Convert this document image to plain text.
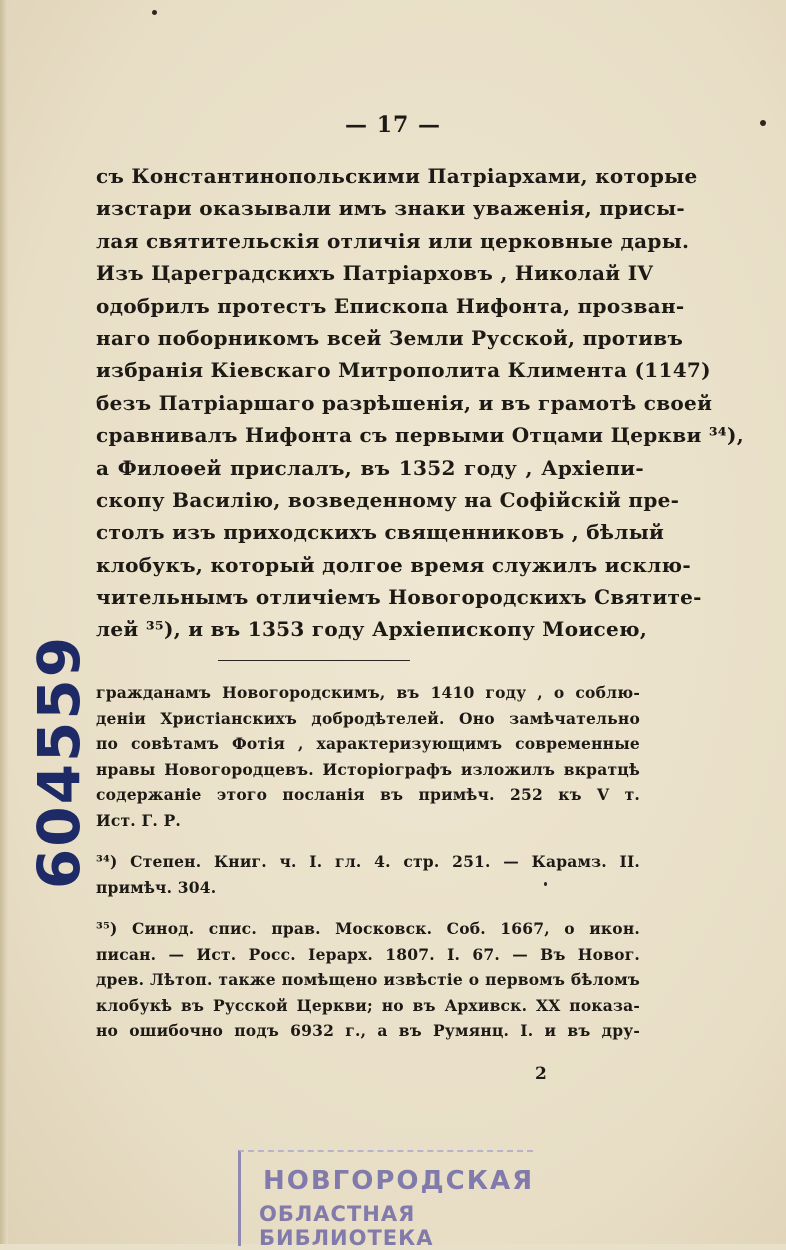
— 17 —
съ Константинопольскими Патріархами, которые
изстари оказывали имъ знаки уваженія, присы-
лая святительскія отличія или церковные дары.
Изъ Цареградскихъ Патріарховъ , Николай IV
одобрилъ протестъ Епископа Нифонта, прозван-
наго поборникомъ всей Земли Русской, противъ
избранія Кіевскаго Митрополита Климента (1147)
безъ Патріаршаго разрѣшенія, и въ грамотѣ своей
сравнивалъ Нифонта съ первыми Отцами Церкви ³⁴),
а Филоѳей прислалъ, въ 1352 году , Архіепи-
скопу Василію, возведенному на Софійскій пре-
столъ изъ приходскихъ священниковъ , бѣлый
клобукъ, который долгое время служилъ исклю-
чительнымъ отличіемъ Новогородскихъ Святите-
лей ³⁵), и въ 1353 году Архіепископу Моисею,
гражданамъ Новогородскимъ, въ 1410 году , о соблю-
деніи Христіанскихъ добродѣтелей. Оно замѣчательно
по совѣтамъ Фотія , характеризующимъ современные
нравы Новогородцевъ. Исторіографъ изложилъ вкратцѣ
содержаніе этого посланія въ примѣч. 252 къ V т.
Ист. Г. Р.
³⁴) Степен. Книг. ч. I. гл. 4. стр. 251. — Карамз. II.
примѣч. 304.
³⁵) Синод. спис. прав. Московск. Соб. 1667, о икон.
писан. — Ист. Росс. Іерарх. 1807. I. 67. — Въ Новог.
древ. Лѣтоп. также помѣщено извѣстіе о первомъ бѣломъ
клобукѣ въ Русской Церкви; но въ Архивск. XX показа-
но ошибочно подъ 6932 г., а въ Румянц. I. и въ дру-
2
604559
НОВГОРОДСКАЯ
ОБЛАСТНАЯ БИБЛИОТЕКА
